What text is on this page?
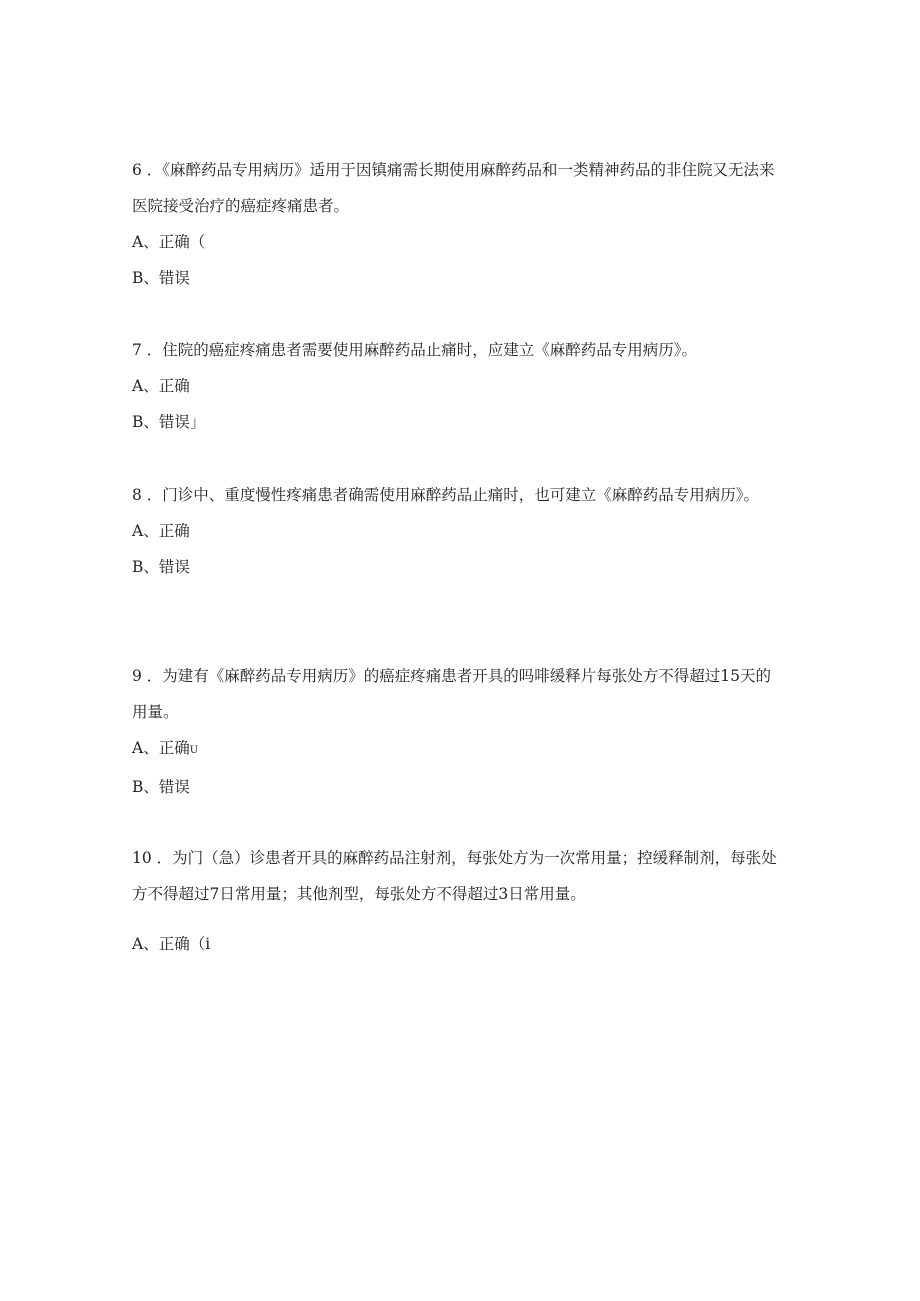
6 ．《麻醉药品专用病历》适用于因镇痛需长期使用麻醉药品和一类精神药品的非住院又无法来医院接受治疗的癌症疼痛患者。

A、正确（

B、错误

7 ．住院的癌症疼痛患者需要使用麻醉药品止痛时，应建立《麻醉药品专用病历》。

A、正确

B、错误」

8 ．门诊中、重度慢性疼痛患者确需使用麻醉药品止痛时，也可建立《麻醉药品专用病历》。

A、正确

B、错误

9 ．为建有《麻醉药品专用病历》的癌症疼痛患者开具的吗啡缓释片每张处方不得超过15天的用量。

A、正确U

B、错误

10 ．为门（急）诊患者开具的麻醉药品注射剂，每张处方为一次常用量；控缓释制剂，每张处方不得超过7日常用量；其他剂型，每张处方不得超过3日常用量。

A、正确（i
